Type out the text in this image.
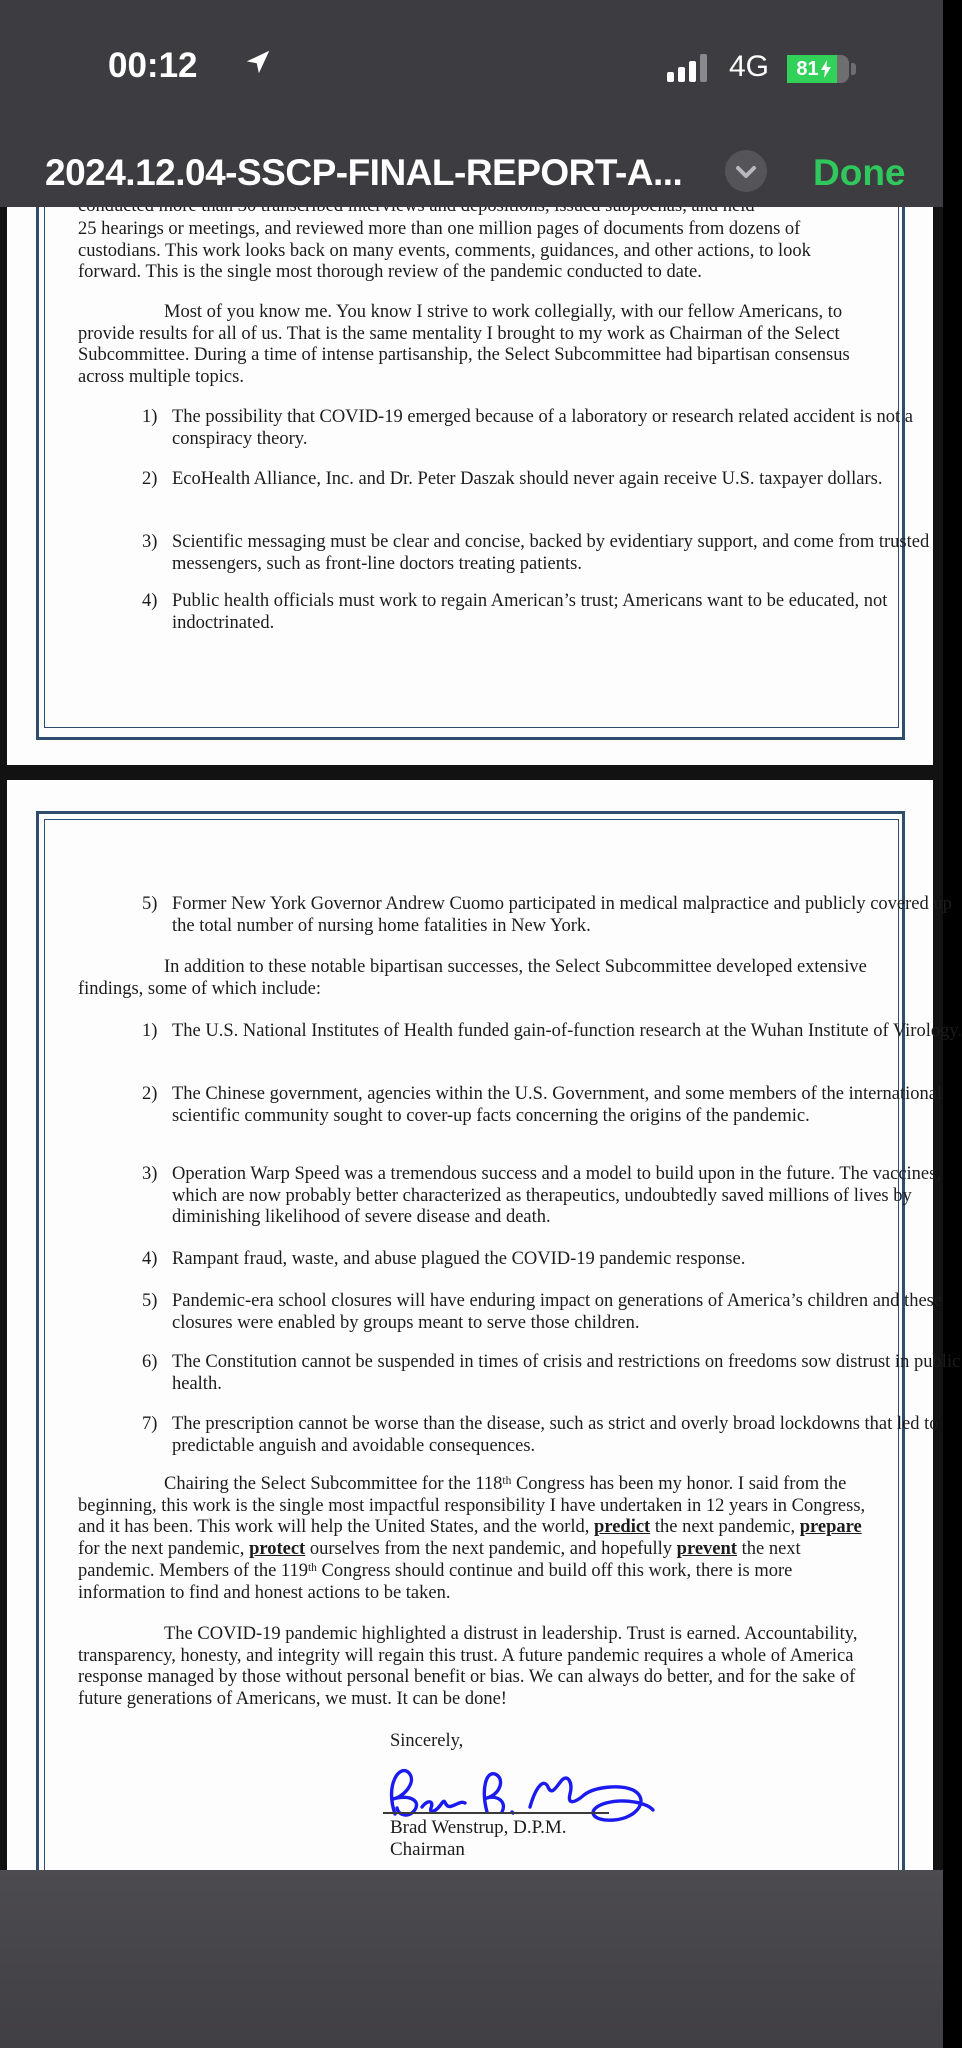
00:12	4G 81
2024.12.04-SSCP-FINAL-REPORT-A...	Done
25 hearings or meetings, and reviewed more than one million pages of documents from dozens of custodians. This work looks back on many events, comments, guidances, and other actions, to look forward. This is the single most thorough review of the pandemic conducted to date.
Most of you know me. You know I strive to work collegially, with our fellow Americans, to provide results for all of us. That is the same mentality I brought to my work as Chairman of the Select Subcommittee. During a time of intense partisanship, the Select Subcommittee had bipartisan consensus across multiple topics.
1) The possibility that COVID-19 emerged because of a laboratory or research related accident is not a conspiracy theory.
2) EcoHealth Alliance, Inc. and Dr. Peter Daszak should never again receive U.S. taxpayer dollars.
3) Scientific messaging must be clear and concise, backed by evidentiary support, and come from trusted messengers, such as front-line doctors treating patients.
4) Public health officials must work to regain American’s trust; Americans want to be educated, not indoctrinated.
5) Former New York Governor Andrew Cuomo participated in medical malpractice and publicly covered up the total number of nursing home fatalities in New York.
In addition to these notable bipartisan successes, the Select Subcommittee developed extensive findings, some of which include:
1) The U.S. National Institutes of Health funded gain-of-function research at the Wuhan Institute of Virology.
2) The Chinese government, agencies within the U.S. Government, and some members of the international scientific community sought to cover-up facts concerning the origins of the pandemic.
3) Operation Warp Speed was a tremendous success and a model to build upon in the future. The vaccines, which are now probably better characterized as therapeutics, undoubtedly saved millions of lives by diminishing likelihood of severe disease and death.
4) Rampant fraud, waste, and abuse plagued the COVID-19 pandemic response.
5) Pandemic-era school closures will have enduring impact on generations of America’s children and these closures were enabled by groups meant to serve those children.
6) The Constitution cannot be suspended in times of crisis and restrictions on freedoms sow distrust in public health.
7) The prescription cannot be worse than the disease, such as strict and overly broad lockdowns that led to predictable anguish and avoidable consequences.
Chairing the Select Subcommittee for the 118th Congress has been my honor. I said from the beginning, this work is the single most impactful responsibility I have undertaken in 12 years in Congress, and it has been. This work will help the United States, and the world, predict the next pandemic, prepare for the next pandemic, protect ourselves from the next pandemic, and hopefully prevent the next pandemic. Members of the 119th Congress should continue and build off this work, there is more information to find and honest actions to be taken.
The COVID-19 pandemic highlighted a distrust in leadership. Trust is earned. Accountability, transparency, honesty, and integrity will regain this trust. A future pandemic requires a whole of America response managed by those without personal benefit or bias. We can always do better, and for the sake of future generations of Americans, we must. It can be done!
Sincerely,
Brad Wenstrup, D.P.M.
Chairman
